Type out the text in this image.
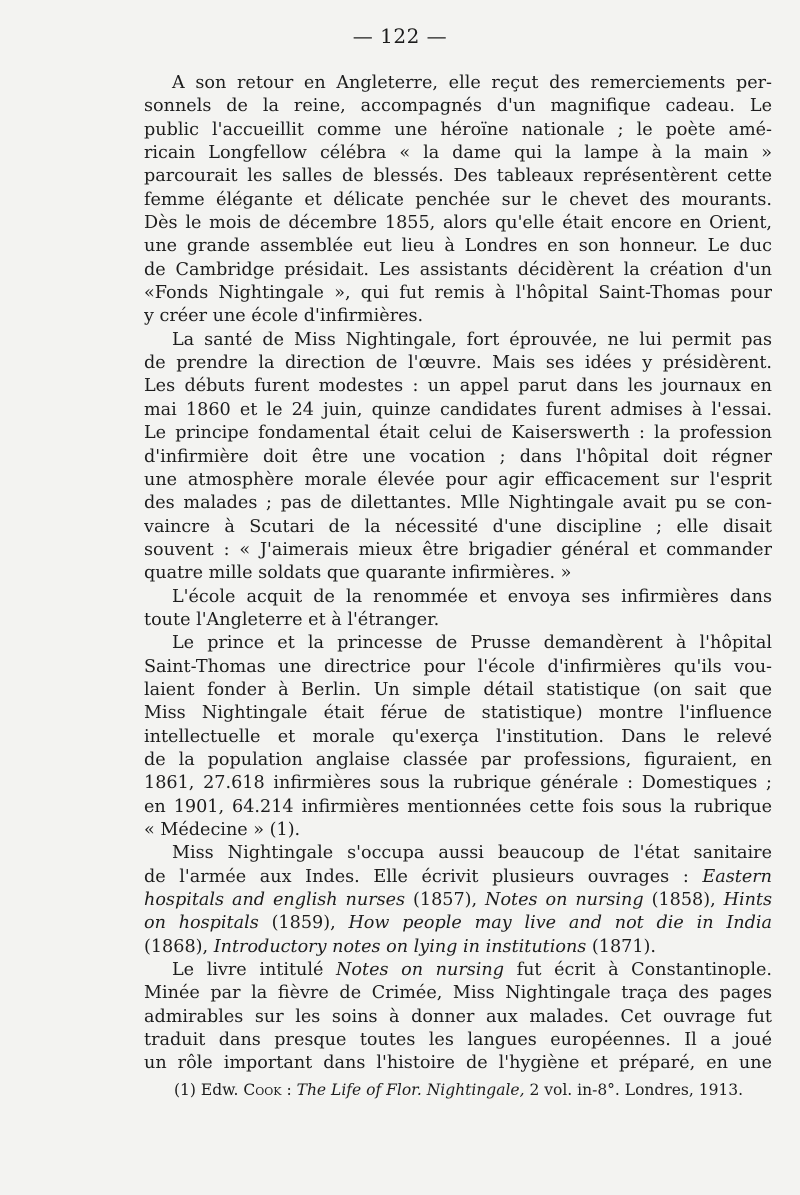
— 122 —
A son retour en Angleterre, elle reçut des remerciements per-
sonnels de la reine, accompagnés d'un magnifique cadeau. Le
public l'accueillit comme une héroïne nationale ; le poète amé-
ricain Longfellow célébra « la dame qui la lampe à la main »
parcourait les salles de blessés. Des tableaux représentèrent cette
femme élégante et délicate penchée sur le chevet des mourants.
Dès le mois de décembre 1855, alors qu'elle était encore en Orient,
une grande assemblée eut lieu à Londres en son honneur. Le duc
de Cambridge présidait. Les assistants décidèrent la création d'un
«Fonds Nightingale », qui fut remis à l'hôpital Saint-Thomas pour
y créer une école d'infirmières.
La santé de Miss Nightingale, fort éprouvée, ne lui permit pas
de prendre la direction de l'œuvre. Mais ses idées y présidèrent.
Les débuts furent modestes : un appel parut dans les journaux en
mai 1860 et le 24 juin, quinze candidates furent admises à l'essai.
Le principe fondamental était celui de Kaiserswerth : la profession
d'infirmière doit être une vocation ; dans l'hôpital doit régner
une atmosphère morale élevée pour agir efficacement sur l'esprit
des malades ; pas de dilettantes. Mlle Nightingale avait pu se con-
vaincre à Scutari de la nécessité d'une discipline ; elle disait
souvent : « J'aimerais mieux être brigadier général et commander
quatre mille soldats que quarante infirmières. »
L'école acquit de la renommée et envoya ses infirmières dans
toute l'Angleterre et à l'étranger.
Le prince et la princesse de Prusse demandèrent à l'hôpital
Saint-Thomas une directrice pour l'école d'infirmières qu'ils vou-
laient fonder à Berlin. Un simple détail statistique (on sait que
Miss Nightingale était férue de statistique) montre l'influence
intellectuelle et morale qu'exerça l'institution. Dans le relevé
de la population anglaise classée par professions, figuraient, en
1861, 27.618 infirmières sous la rubrique générale : Domestiques ;
en 1901, 64.214 infirmières mentionnées cette fois sous la rubrique
« Médecine » (1).
Miss Nightingale s'occupa aussi beaucoup de l'état sanitaire
de l'armée aux Indes. Elle écrivit plusieurs ouvrages : Eastern
hospitals and english nurses (1857), Notes on nursing (1858), Hints
on hospitals (1859), How people may live and not die in India
(1868), Introductory notes on lying in institutions (1871).
Le livre intitulé Notes on nursing fut écrit à Constantinople.
Minée par la fièvre de Crimée, Miss Nightingale traça des pages
admirables sur les soins à donner aux malades. Cet ouvrage fut
traduit dans presque toutes les langues européennes. Il a joué
un rôle important dans l'histoire de l'hygiène et préparé, en une
(1) Edw. Cook : The Life of Flor. Nightingale, 2 vol. in-8°. Londres, 1913.
